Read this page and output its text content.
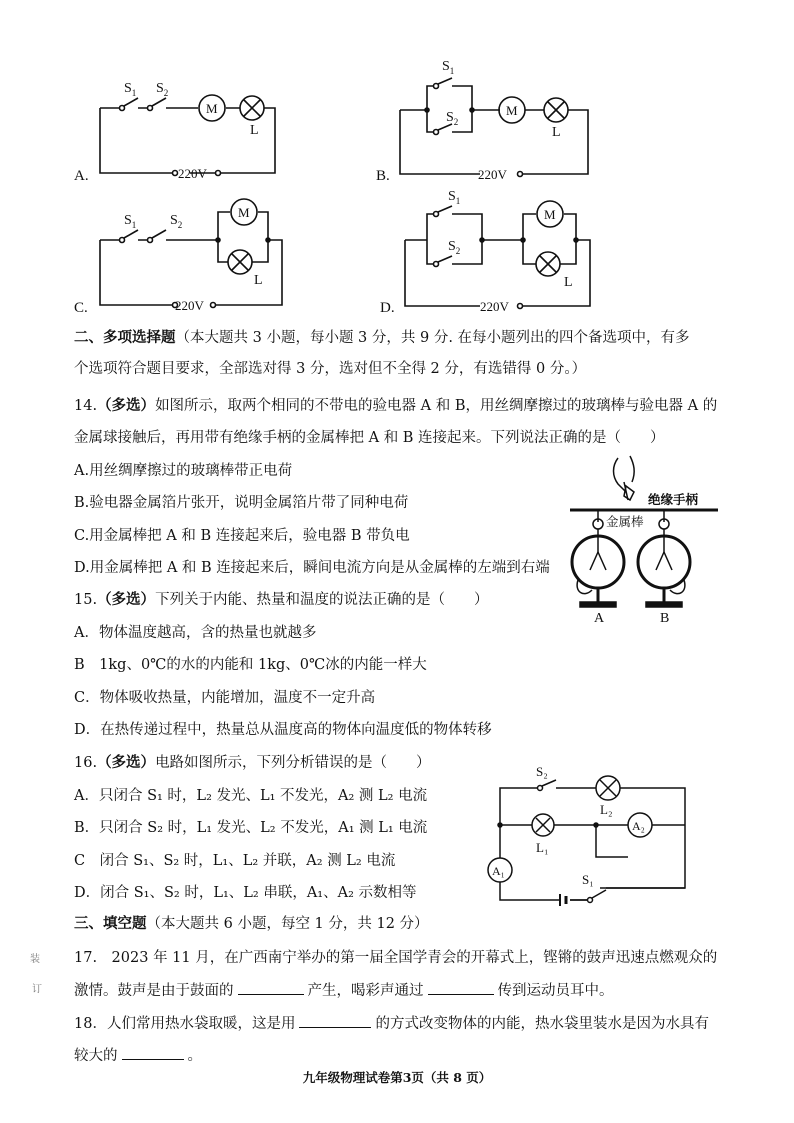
A.
$S_1$ $S_2$
M
L
220V	B.
$S_1$
$S_2$
M
L
220V
C.
$S_1$ $S_2$
M
L
220V	D.
$S_1$
$S_2$
M
L
220V
二、多项选择题（本大题共 3 小题，每小题 3 分，共 9 分. 在每小题列出的四个备选项中，有多
个选项符合题目要求，全部选对得 3 分，选对但不全得 2 分，有选错得 0 分。）
14.（多选）如图所示，取两个相同的不带电的验电器 A 和 B，用丝绸摩擦过的玻璃棒与验电器 A 的
金属球接触后，再用带有绝缘手柄的金属棒把 A 和 B 连接起来。下列说法正确的是（　　）
A.用丝绸摩擦过的玻璃棒带正电荷
B.验电器金属箔片张开，说明金属箔片带了同种电荷
C.用金属棒把 A 和 B 连接起来后，验电器 B 带负电
D.用金属棒把 A 和 B 连接起来后，瞬间电流方向是从金属棒的左端到右端
绝缘手柄
金属棒
A	B
15.（多选）下列关于内能、热量和温度的说法正确的是（　　）
A．物体温度越高，含的热量也就越多
B　1kg、0℃的水的内能和 1kg、0℃冰的内能一样大
C．物体吸收热量，内能增加，温度不一定升高
D．在热传递过程中，热量总从温度高的物体向温度低的物体转移
16.（多选）电路如图所示，下列分析错误的是（　　）
A．只闭合 S₁ 时，L₂ 发光、L₁ 不发光，A₂ 测 L₂ 电流
B．只闭合 S₂ 时，L₁ 发光、L₂ 不发光，A₁ 测 L₁ 电流
C　闭合 S₁、S₂ 时，L₁、L₂ 并联，A₂ 测 L₂ 电流
D．闭合 S₁、S₂ 时，L₁、L₂ 串联，A₁、A₂ 示数相等
S₂
L₂
L₁
A₂
A₁
S₁
三、填空题（本大题共 6 小题，每空 1 分，共 12 分）
17.　2023 年 11 月，在广西南宁举办的第一届全国学青会的开幕式上，铿锵的鼓声迅速点燃观众的
激情。鼓声是由于鼓面的	产生，喝彩声通过	传到运动员耳中。
18．人们常用热水袋取暖，这是用	的方式改变物体的内能，热水袋里装水是因为水具有
较大的	。
九年级物理试卷第3页（共 8 页）
装
订
